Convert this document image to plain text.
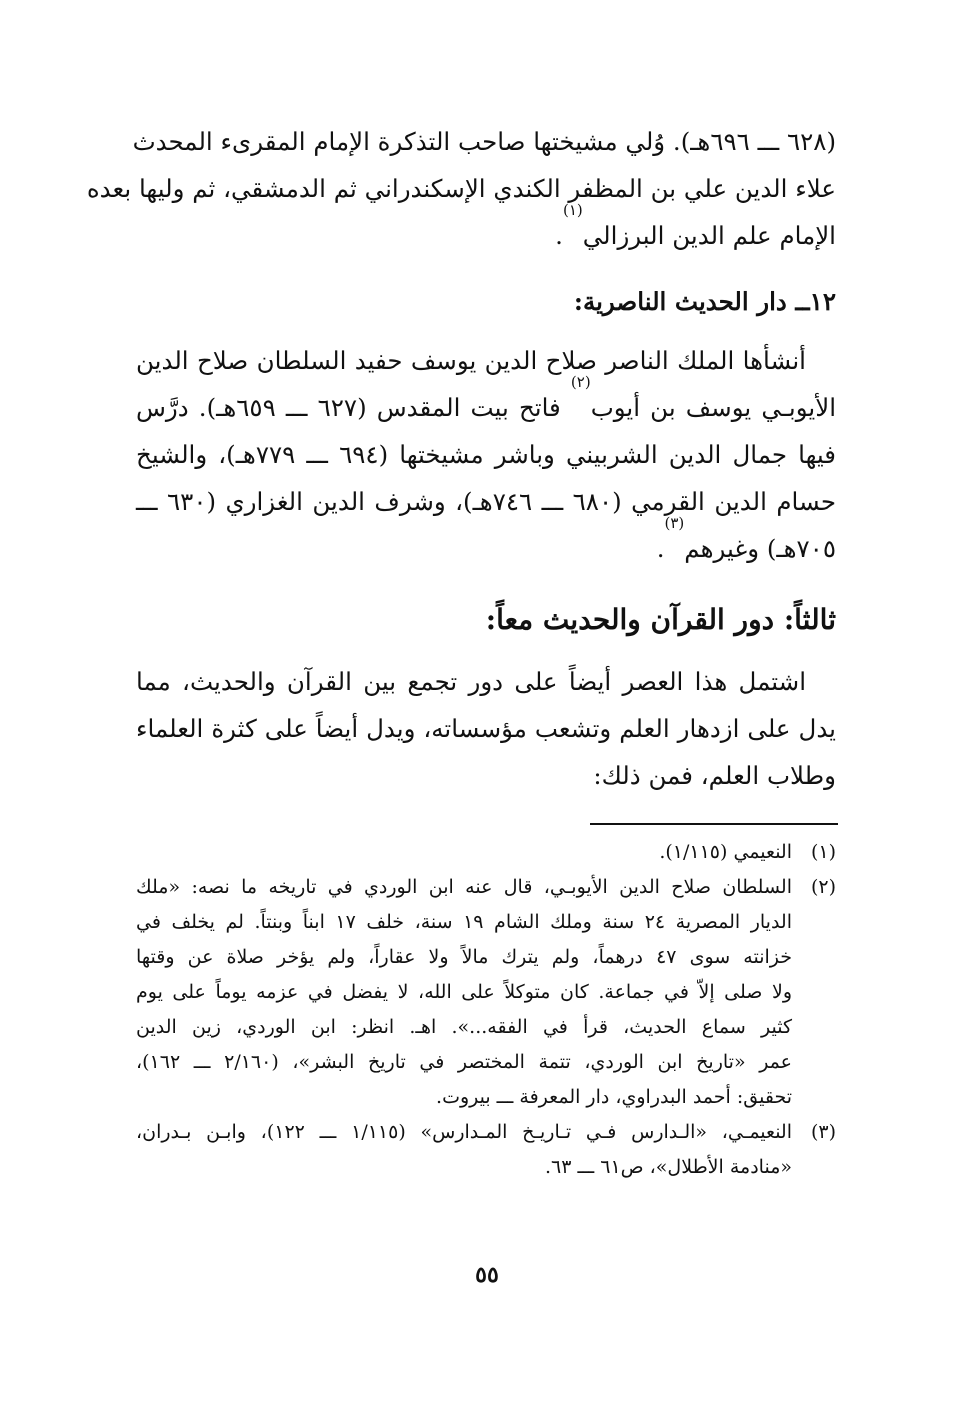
(٦٢٨ ـــ ٦٩٦هـ). وُلي مشيختها صاحب التذكرة الإمام المقرىء المحدث
علاء الدين علي بن المظفر الكندي الإسكندراني ثم الدمشقي، ثم وليها بعده
الإمام علم الدين البرزالي$^{(١)}$.
١٢ــ دار الحديث الناصرية:
أنشأها الملك الناصر صلاح الدين يوسف حفيد السلطان صلاح الدين
الأيوبـي يوسف بن أيوب$^{(٢)}$ فاتح بيت المقدس (٦٢٧ ـــ ٦٥٩هـ). درَّس
فيها جمال الدين الشربيني وباشر مشيختها (٦٩٤ ـــ ٧٧٩هـ)، والشيخ
حسام الدين القرمي (٦٨٠ ـــ ٧٤٦هـ)، وشرف الدين الغزاري (٦٣٠ ـــ
٧٠٥هـ) وغيرهم$^{(٣)}$.
ثالثاً: دور القرآن والحديث معاً:
اشتمل هذا العصر أيضاً على دور تجمع بين القرآن والحديث، مما
يدل على ازدهار العلم وتشعب مؤسساته، ويدل أيضاً على كثرة العلماء
وطلاب العلم، فمن ذلك:
(١)
النعيمي (١/١١٥).
(٢)
السلطان صلاح الدين الأيوبـي، قال عنه ابن الوردي في تاريخه ما نصه: «ملك
الديار المصرية ٢٤ سنة وملك الشام ١٩ سنة، خلف ١٧ ابناً وبنتاً. لم يخلف في
خزانته سوى ٤٧ درهماً، ولم يترك مالاً ولا عقاراً، ولم يؤخر صلاة عن وقتها
ولا صلى إلاّ في جماعة. كان متوكلاً على الله، لا يفضل في عزمه يوماً على يوم
كثير سماع الحديث، قرأ في الفقه...». اهـ. انظر: ابن الوردي، زين الدين
عمر «تاريخ ابن الوردي، تتمة المختصر في تاريخ البشر»، (٢/١٦٠ ـــ ١٦٢)،
تحقيق: أحمد البدراوي، دار المعرفة ـــ بيروت.
(٣)
النعيمـي، «الـدارس فـي تـاريـخ المـدارس» (١/١١٥ ـــ ١٢٢)، وابـن بـدران،
«منادمة الأطلال»، ص٦١ ـــ ٦٣.
٥٥
